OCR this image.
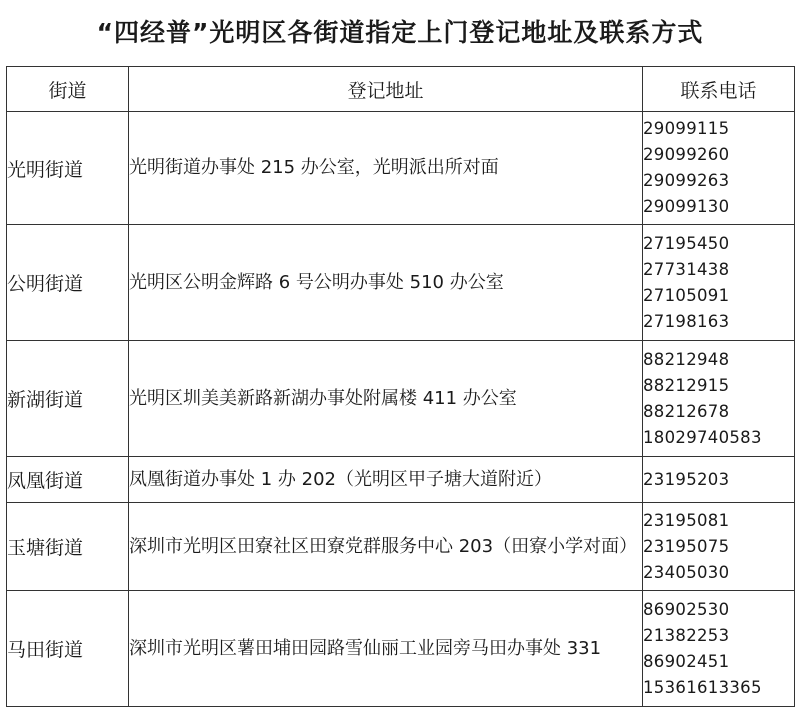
“四经普”光明区各街道指定上门登记地址及联系方式
街道	登记地址	联系电话
光明街道	光明街道办事处 215 办公室，光明派出所对面	29099115
29099260
29099263
29099130

公明街道	光明区公明金辉路 6 号公明办事处 510 办公室	27195450
27731438
27105091
27198163

新湖街道	光明区圳美美新路新湖办事处附属楼 411 办公室	88212948
88212915
88212678
18029740583

凤凰街道	凤凰街道办事处 1 办 202（光明区甲子塘大道附近）	23195203

玉塘街道	深圳市光明区田寮社区田寮党群服务中心 203（田寮小学对面）	23195081
23195075
23405030

马田街道	深圳市光明区薯田埔田园路雪仙丽工业园旁马田办事处 331	86902530
21382253
86902451
15361613365
